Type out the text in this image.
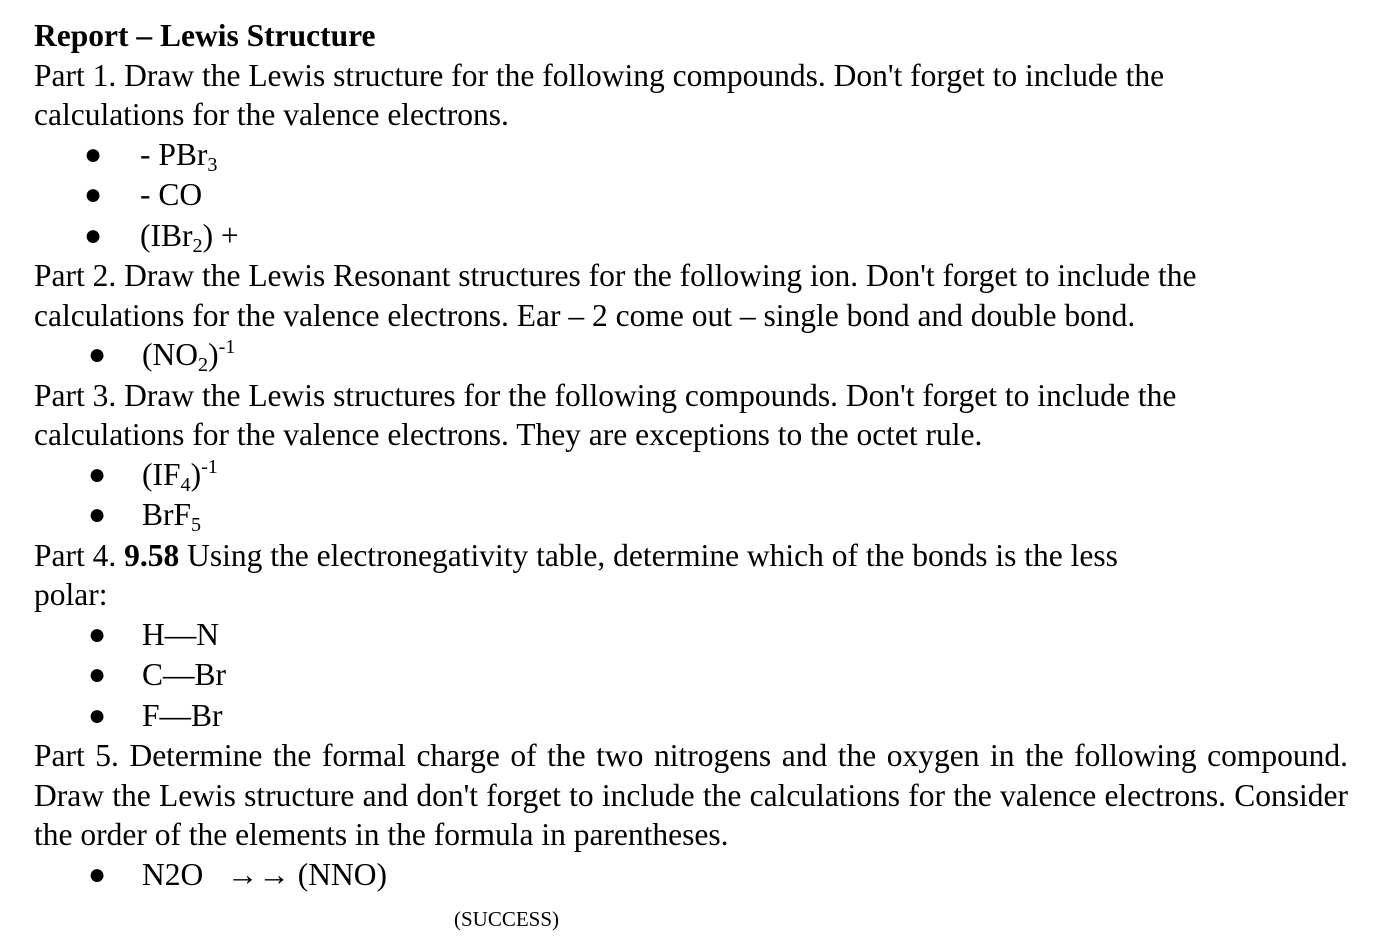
Report – Lewis Structure
Part 1. Draw the Lewis structure for the following compounds. Don't forget to include the calculations for the valence electrons.
● - PBr$_3$
● - CO
● (IBr$_2$) +
Part 2. Draw the Lewis Resonant structures for the following ion. Don't forget to include the calculations for the valence electrons. Ear – 2 come out – single bond and double bond.
● $(NO_2)^{-1}$
Part 3. Draw the Lewis structures for the following compounds. Don't forget to include the calculations for the valence electrons. They are exceptions to the octet rule.
● $(IF_4)^{-1}$
● BrF$_5$
Part 4. 9.58 Using the electronegativity table, determine which of the bonds is the less polar:
● H—N
● C—Br
● F—Br
Part 5. Determine the formal charge of the two nitrogens and the oxygen in the following compound. Draw the Lewis structure and don't forget to include the calculations for the valence electrons. Consider the order of the elements in the formula in parentheses.
● N2O   →→ (NNO)
(SUCCESS)
